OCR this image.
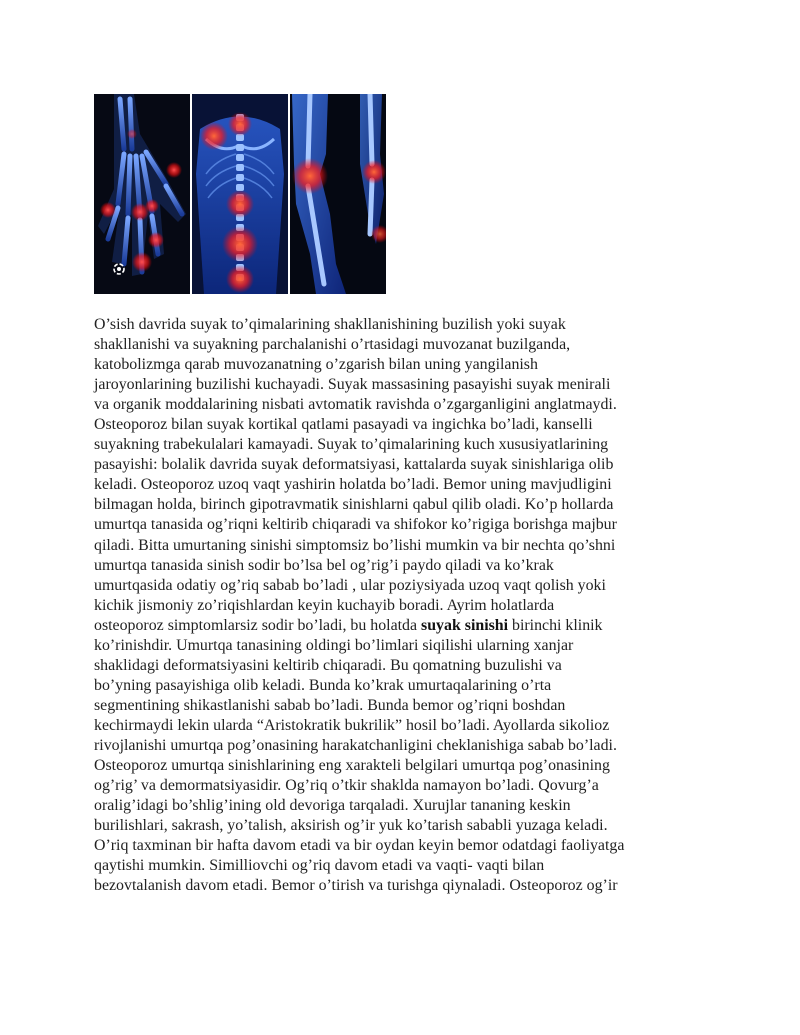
O’sish davrida suyak to’qimalarining shakllanishining buzilish yoki suyak
shakllanishi va suyakning parchalanishi o’rtasidagi muvozanat buzilganda,
katobolizmga qarab muvozanatning o’zgarish bilan uning yangilanish
jaroyonlarining buzilishi kuchayadi. Suyak massasining pasayishi suyak menirali
va organik moddalarining nisbati avtomatik ravishda o’zgarganligini anglatmaydi.
Osteoporoz bilan suyak kortikal qatlami pasayadi va ingichka bo’ladi, kanselli
suyakning trabekulalari kamayadi. Suyak to’qimalarining kuch xususiyatlarining
pasayishi: bolalik davrida suyak deformatsiyasi, kattalarda suyak sinishlariga olib
keladi. Osteoporoz uzoq vaqt yashirin holatda bo’ladi. Bemor uning mavjudligini
bilmagan holda, birinch gipotravmatik sinishlarni qabul qilib oladi. Ko’p hollarda
umurtqa tanasida og’riqni keltirib chiqaradi va shifokor ko’rigiga borishga majbur
qiladi. Bitta umurtaning sinishi simptomsiz bo’lishi mumkin va bir nechta qo’shni
umurtqa tanasida sinish sodir bo’lsa bel og’rig’i paydo qiladi va ko’krak
umurtqasida odatiy og’riq sabab bo’ladi , ular poziysiyada uzoq vaqt qolish yoki
kichik jismoniy zo’riqishlardan keyin kuchayib boradi. Ayrim holatlarda
osteoporoz simptomlarsiz sodir bo’ladi, bu holatda suyak sinishi birinchi klinik
ko’rinishdir. Umurtqa tanasining oldingi bo’limlari siqilishi ularning xanjar
shaklidagi deformatsiyasini keltirib chiqaradi. Bu qomatning buzulishi va
bo’yning pasayishiga olib keladi. Bunda ko’krak umurtaqalarining o’rta
segmentining shikastlanishi sabab bo’ladi. Bunda bemor og’riqni boshdan
kechirmaydi lekin ularda “Aristokratik bukrilik” hosil bo’ladi. Ayollarda sikolioz
rivojlanishi umurtqa pog’onasining harakatchanligini cheklanishiga sabab bo’ladi.
Osteoporoz umurtqa sinishlarining eng xarakteli belgilari umurtqa pog’onasining
og’rig’ va demormatsiyasidir. Og’riq o’tkir shaklda namayon bo’ladi. Qovurg’a
oralig’idagi bo’shlig’ining old devoriga tarqaladi. Xurujlar tananing keskin
burilishlari, sakrash, yo’talish, aksirish og’ir yuk ko’tarish sababli yuzaga keladi.
O’riq taxminan bir hafta davom etadi va bir oydan keyin bemor odatdagi faoliyatga
qaytishi mumkin. Similliovchi og’riq davom etadi va vaqti- vaqti bilan
bezovtalanish davom etadi. Bemor o’tirish va turishga qiynaladi. Osteoporoz og’ir
